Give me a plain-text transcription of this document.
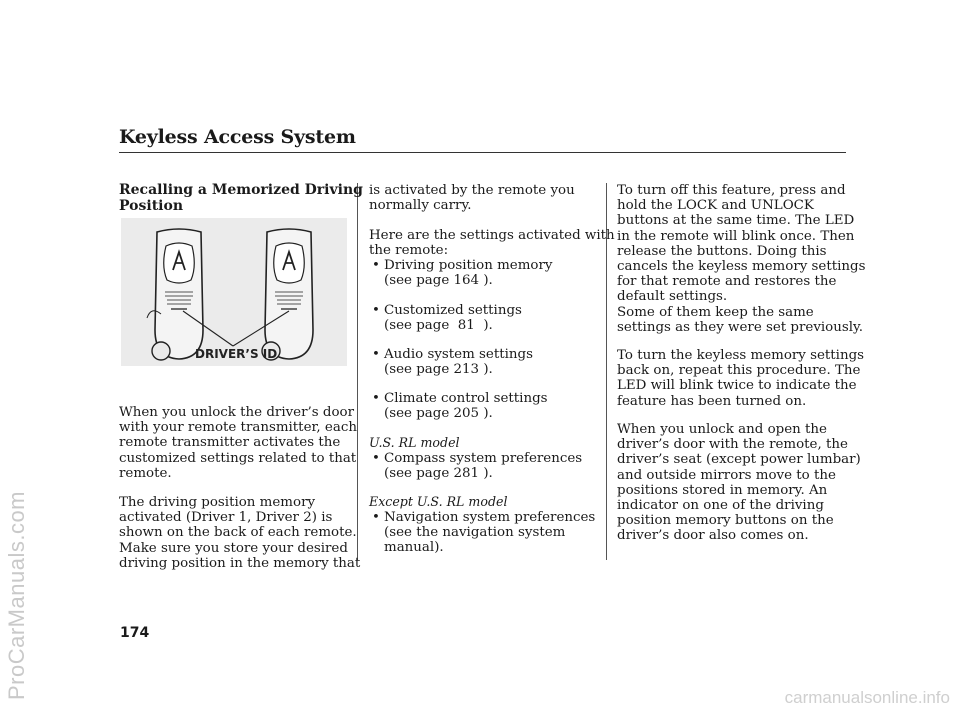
Keyless Access System
Recalling a Memorized Driving
Position
DRIVER’S ID
When you unlock the driver’s door
with your remote transmitter, each
remote transmitter activates the
customized settings related to that
remote.
The driving position memory
activated (Driver 1, Driver 2) is
shown on the back of each remote.
Make sure you store your desired
driving position in the memory that
is activated by the remote you
normally carry.
Here are the settings activated with
the remote:

•

Driving position memory
(see page 164 ).

•

Customized settings
(see page  81  ).

•

Audio system settings
(see page 213 ).

•

Climate control settings
(see page 205 ).

U.S. RL model

•

Compass system preferences
(see page 281 ).

Except U.S. RL model

•

Navigation system preferences
(see the navigation system
manual).

To turn off this feature, press and
hold the LOCK and UNLOCK
buttons at the same time. The LED
in the remote will blink once. Then
release the buttons. Doing this
cancels the keyless memory settings
for that remote and restores the
default settings.
Some of them keep the same
settings as they were set previously.
To turn the keyless memory settings
back on, repeat this procedure. The
LED will blink twice to indicate the
feature has been turned on.
When you unlock and open the
driver’s door with the remote, the
driver’s seat (except power lumbar)
and outside mirrors move to the
positions stored in memory. An
indicator on one of the driving
position memory buttons on the
driver’s door also comes on.
174
ProCarManuals.com	carmanualsonline.info
